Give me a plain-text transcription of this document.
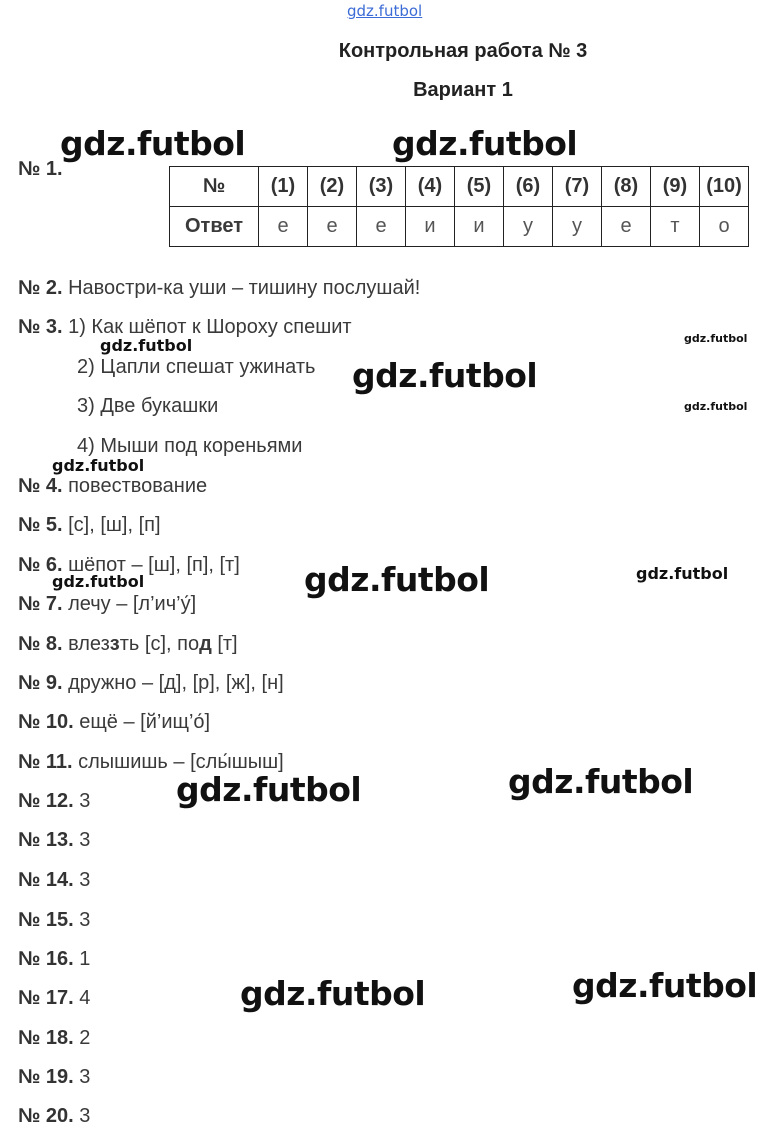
gdz.futbol
gdz.futbol	gdz.futbol
gdz.futbol	gdz.futbol
gdz.futbol
gdz.futbol
gdz.futbol
gdz.futbol	gdz.futbol
gdz.futbol
gdz.futbol
gdz.futbol
gdz.futbol
gdz.futbol
Контрольная работа № 3
Вариант 1
№ 1.
№	(1)	(2)	(3)	(4)	(5)	(6)	(7)	(8)	(9)	(10)
Ответ	е	е	е	и	и	у	у	е	т	о
№ 2. Навостри-ка уши – тишину послушай!
№ 3. 1) Как шёпот к Шороху спешит
2) Цапли спешат ужинать
3) Две букашки
4) Мыши под кореньями
№ 4. повествование
№ 5. [с], [ш], [п]
№ 6. шёпот – [ш], [п], [т]
№ 7. лечу – [л’ич’у́]
№ 8. влеззть [с], под [т]
№ 9. дружно – [д], [р], [ж], [н]
№ 10. ещё – [й’ищ’о́]
№ 11. слышишь – [слы́шыш]
№ 12. 3
№ 13. 3
№ 14. 3
№ 15. 3
№ 16. 1
№ 17. 4
№ 18. 2
№ 19. 3
№ 20. 3
